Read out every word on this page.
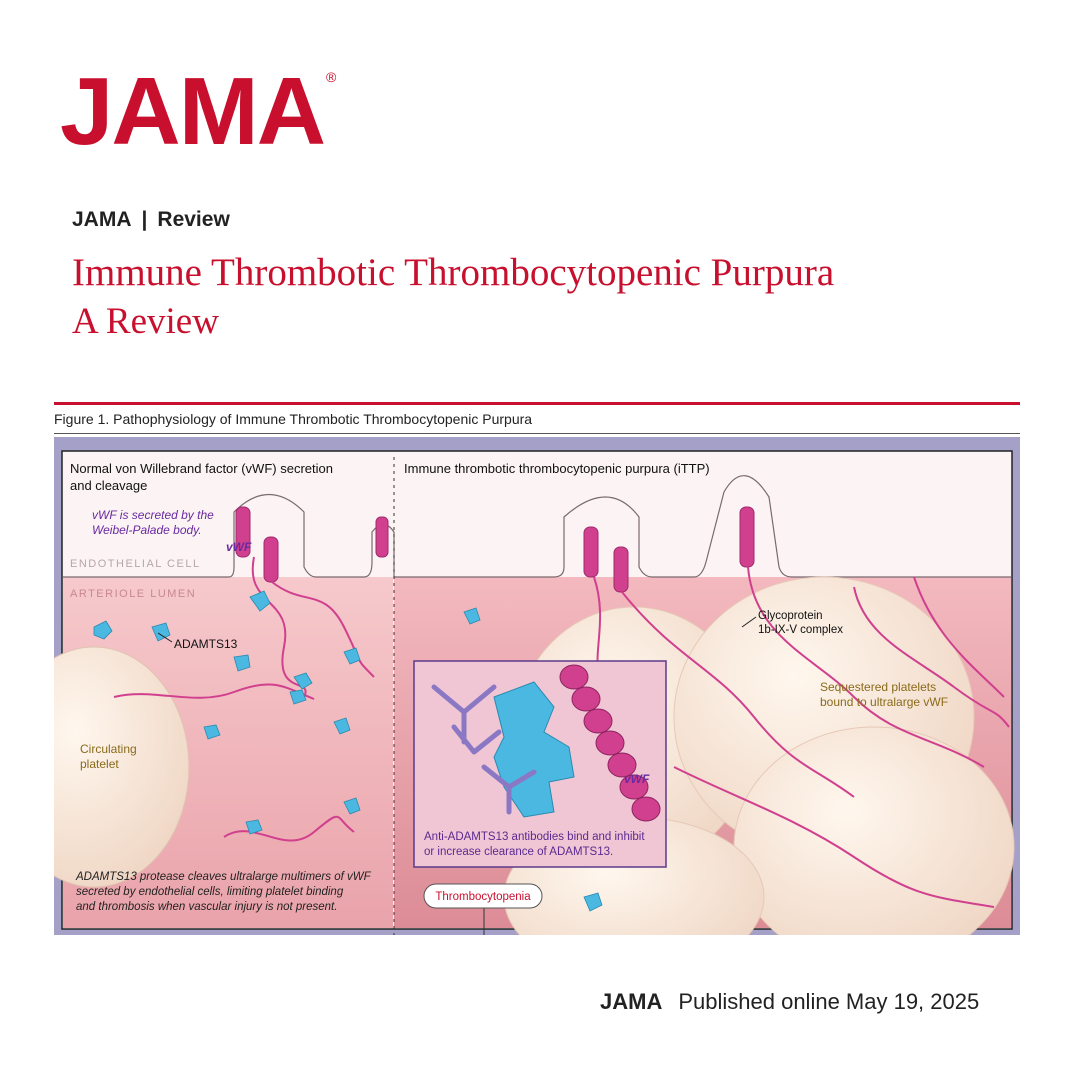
JAMA ®
JAMA | Review
Immune Thrombotic Thrombocytopenic Purpura
A Review
Figure 1. Pathophysiology of Immune Thrombotic Thrombocytopenic Purpura
Normal von Willebrand factor (vWF) secretion
and cleavage
vWF is secreted by the
Weibel-Palade body.
vWF
ENDOTHELIAL CELL
ARTERIOLE LUMEN
ADAMTS13
Circulating
platelet
ADAMTS13 protease cleaves ultralarge multimers of vWF
secreted by endothelial cells, limiting platelet binding
and thrombosis when vascular injury is not present.
Immune thrombotic thrombocytopenic purpura (iTTP)
Glycoprotein
1b-IX-V complex
Sequestered platelets
bound to ultralarge vWF
vWF
Anti-ADAMTS13 antibodies bind and inhibit
or increase clearance of ADAMTS13.
Thrombocytopenia
JAMA Published online May 19, 2025
